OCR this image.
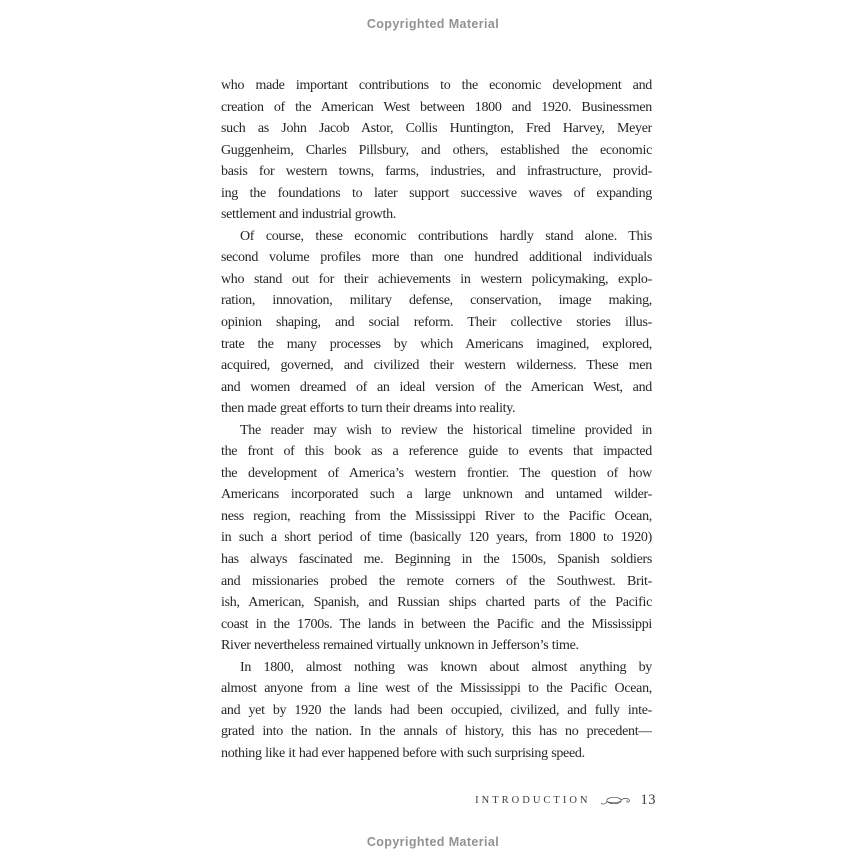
Copyrighted Material
who made important contributions to the economic development and
creation of the American West between 1800 and 1920. Businessmen
such as John Jacob Astor, Collis Huntington, Fred Harvey, Meyer
Guggenheim, Charles Pillsbury, and others, established the economic
basis for western towns, farms, industries, and infrastructure, provid-
ing the foundations to later support successive waves of expanding
settlement and industrial growth.
Of course, these economic contributions hardly stand alone. This
second volume profiles more than one hundred additional individuals
who stand out for their achievements in western policymaking, explo-
ration, innovation, military defense, conservation, image making,
opinion shaping, and social reform. Their collective stories illus-
trate the many processes by which Americans imagined, explored,
acquired, governed, and civilized their western wilderness. These men
and women dreamed of an ideal version of the American West, and
then made great efforts to turn their dreams into reality.
The reader may wish to review the historical timeline provided in
the front of this book as a reference guide to events that impacted
the development of America’s western frontier. The question of how
Americans incorporated such a large unknown and untamed wilder-
ness region, reaching from the Mississippi River to the Pacific Ocean,
in such a short period of time (basically 120 years, from 1800 to 1920)
has always fascinated me. Beginning in the 1500s, Spanish soldiers
and missionaries probed the remote corners of the Southwest. Brit-
ish, American, Spanish, and Russian ships charted parts of the Pacific
coast in the 1700s. The lands in between the Pacific and the Mississippi
River nevertheless remained virtually unknown in Jefferson’s time.
In 1800, almost nothing was known about almost anything by
almost anyone from a line west of the Mississippi to the Pacific Ocean,
and yet by 1920 the lands had been occupied, civilized, and fully inte-
grated into the nation. In the annals of history, this has no precedent—
nothing like it had ever happened before with such surprising speed.
INTRODUCTION	13
Copyrighted Material
